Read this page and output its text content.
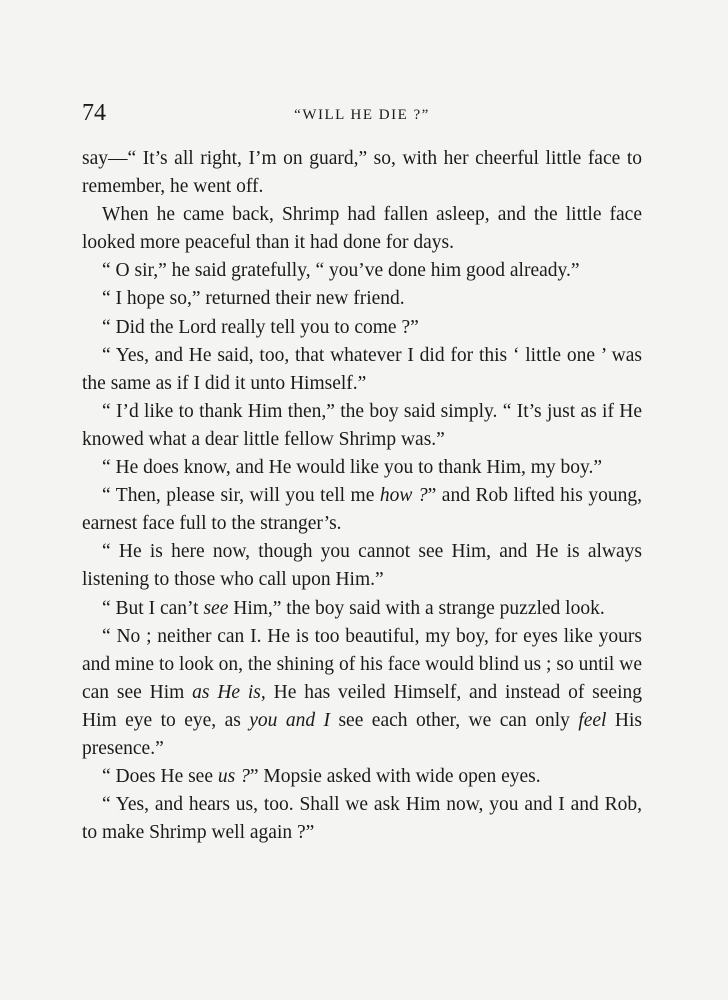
74	“WILL HE DIE ?”

say—“ It’s all right, I’m on guard,” so, with her cheerful little face to remember, he went off.

When he came back, Shrimp had fallen asleep, and the little face looked more peaceful than it had done for days.

“ O sir,” he said gratefully, “ you’ve done him good already.”

“ I hope so,” returned their new friend.

“ Did the Lord really tell you to come ?”

“ Yes, and He said, too, that whatever I did for this ‘ little one ’ was the same as if I did it unto Himself.”

“ I’d like to thank Him then,” the boy said simply. “ It’s just as if He knowed what a dear little fellow Shrimp was.”

“ He does know, and He would like you to thank Him, my boy.”

“ Then, please sir, will you tell me how ?” and Rob lifted his young, earnest face full to the stranger’s.

“ He is here now, though you cannot see Him, and He is always listening to those who call upon Him.”

“ But I can’t see Him,” the boy said with a strange puzzled look.

“ No ; neither can I. He is too beautiful, my boy, for eyes like yours and mine to look on, the shining of his face would blind us ; so until we can see Him as He is, He has veiled Himself, and instead of seeing Him eye to eye, as you and I see each other, we can only feel His presence.”

“ Does He see us ?” Mopsie asked with wide open eyes.

“ Yes, and hears us, too. Shall we ask Him now, you and I and Rob, to make Shrimp well again ?”
